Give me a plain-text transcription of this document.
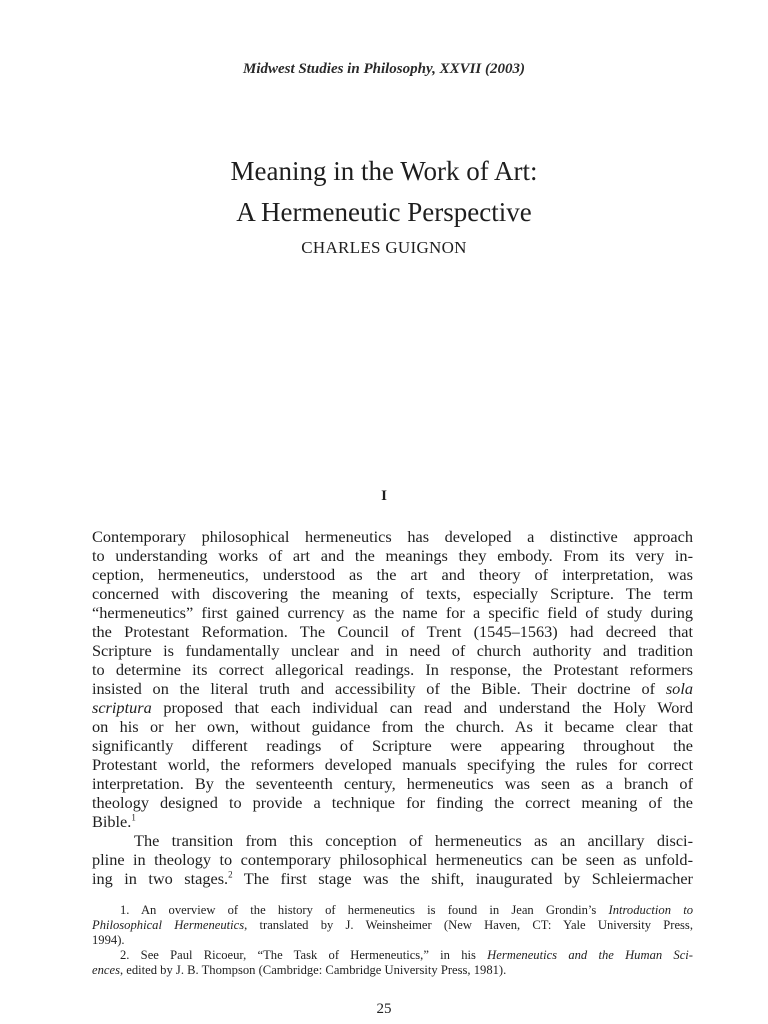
Midwest Studies in Philosophy, XXVII (2003)
Meaning in the Work of Art:
A Hermeneutic Perspective
CHARLES GUIGNON
I
Contemporary philosophical hermeneutics has developed a distinctive approach
to understanding works of art and the meanings they embody. From its very in-
ception, hermeneutics, understood as the art and theory of interpretation, was
concerned with discovering the meaning of texts, especially Scripture. The term
“hermeneutics” first gained currency as the name for a specific field of study during
the Protestant Reformation. The Council of Trent (1545–1563) had decreed that
Scripture is fundamentally unclear and in need of church authority and tradition
to determine its correct allegorical readings. In response, the Protestant reformers
insisted on the literal truth and accessibility of the Bible. Their doctrine of sola
scriptura proposed that each individual can read and understand the Holy Word
on his or her own, without guidance from the church. As it became clear that
significantly different readings of Scripture were appearing throughout the
Protestant world, the reformers developed manuals specifying the rules for correct
interpretation. By the seventeenth century, hermeneutics was seen as a branch of
theology designed to provide a technique for finding the correct meaning of the
Bible.$^1$
The transition from this conception of hermeneutics as an ancillary disci-
pline in theology to contemporary philosophical hermeneutics can be seen as unfold-
ing in two stages.$^2$ The first stage was the shift, inaugurated by Schleiermacher
1. An overview of the history of hermeneutics is found in Jean Grondin’s Introduction to
Philosophical Hermeneutics, translated by J. Weinsheimer (New Haven, CT: Yale University Press,
1994).
2. See Paul Ricoeur, “The Task of Hermeneutics,” in his Hermeneutics and the Human Sci-
ences, edited by J. B. Thompson (Cambridge: Cambridge University Press, 1981).
25
